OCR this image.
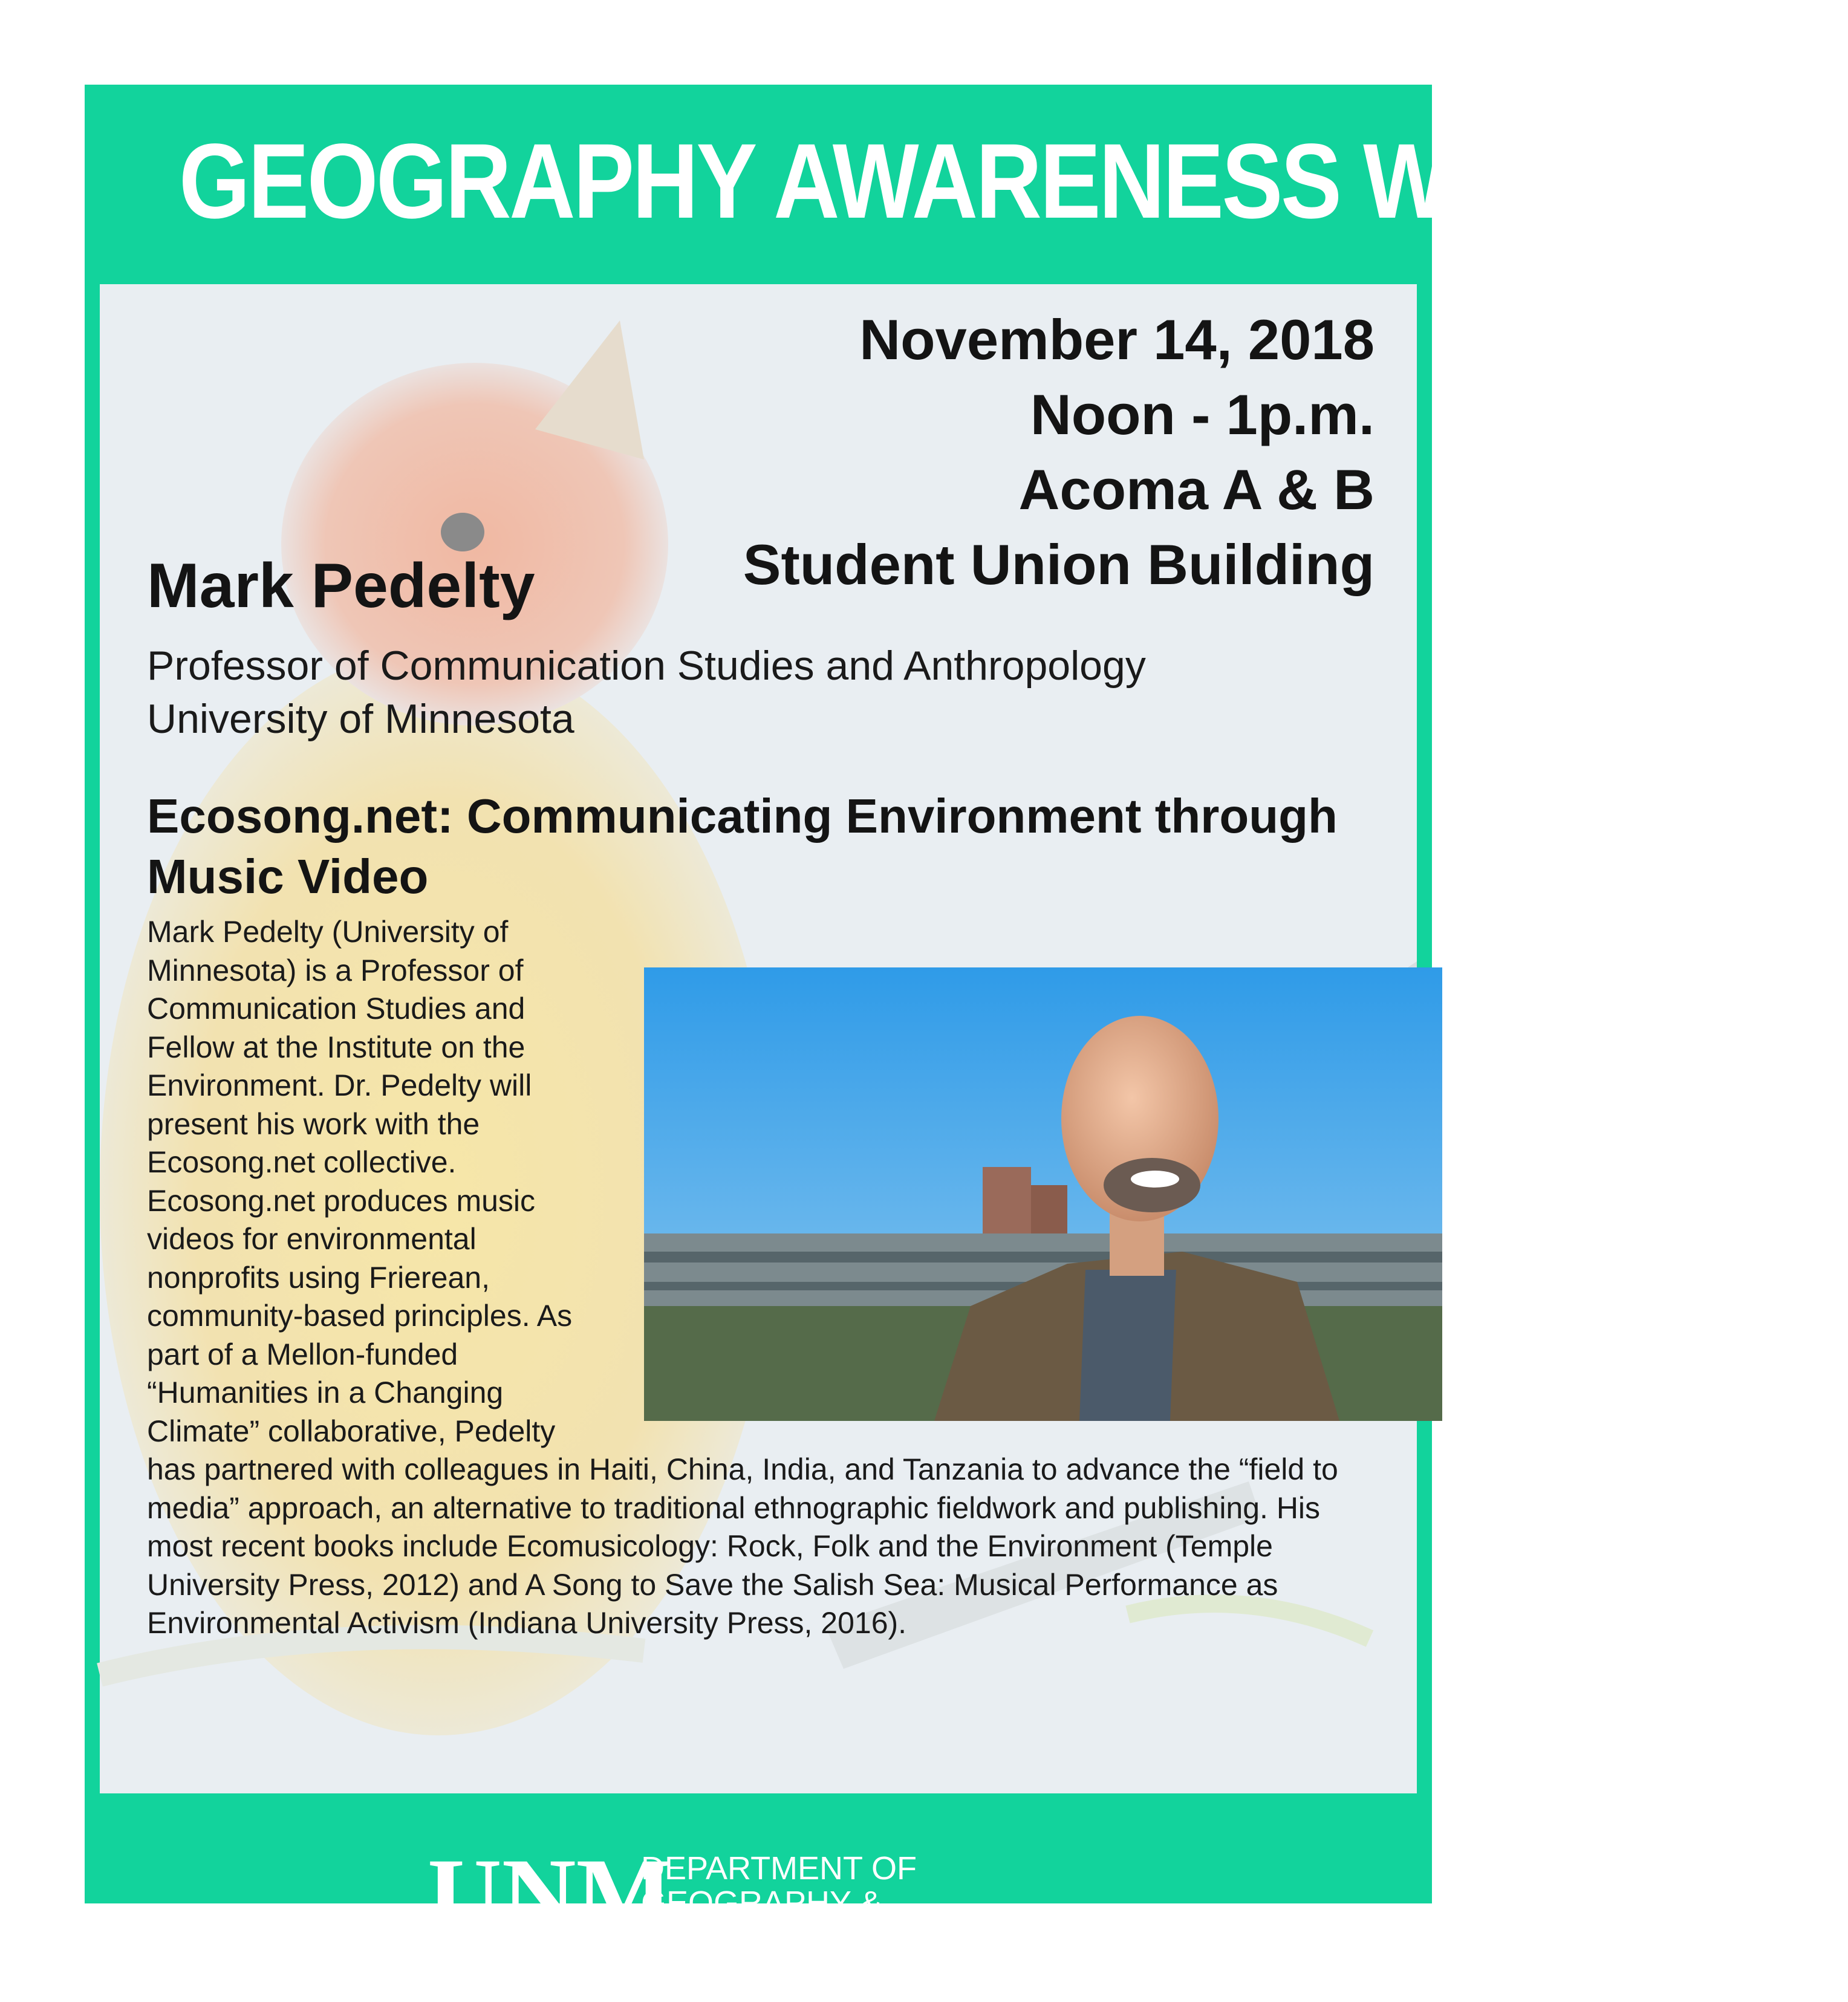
GEOGRAPHY AWARENESS WEEK 2018
November 14, 2018
Noon - 1p.m.
Acoma A & B
Student Union Building
Mark Pedelty
Professor of Communication Studies and Anthropology
University of Minnesota
Ecosong.net: Communicating Environment through Music Video
Mark Pedelty (University of Minnesota) is a Professor of Communication Studies and Fellow at the Institute on the Environment. Dr. Pedelty will present his work with the Ecosong.net collective. Ecosong.net produces music videos for environmental nonprofits using Frierean, community-based principles. As part of a Mellon-funded “Humanities in a Changing Climate” collaborative, Pedelty has partnered with colleagues in Haiti, China, India, and Tanzania to advance the “field to media” approach, an alternative to traditional ethnographic fieldwork and publishing. His most recent books include Ecomusicology: Rock, Folk and the Environment (Temple University Press, 2012) and A Song to Save the Salish Sea: Musical Performance as Environmental Activism (Indiana University Press, 2016).
UNM
DEPARTMENT OF
GEOGRAPHY &
ENVIRONMENTAL STUDIES
